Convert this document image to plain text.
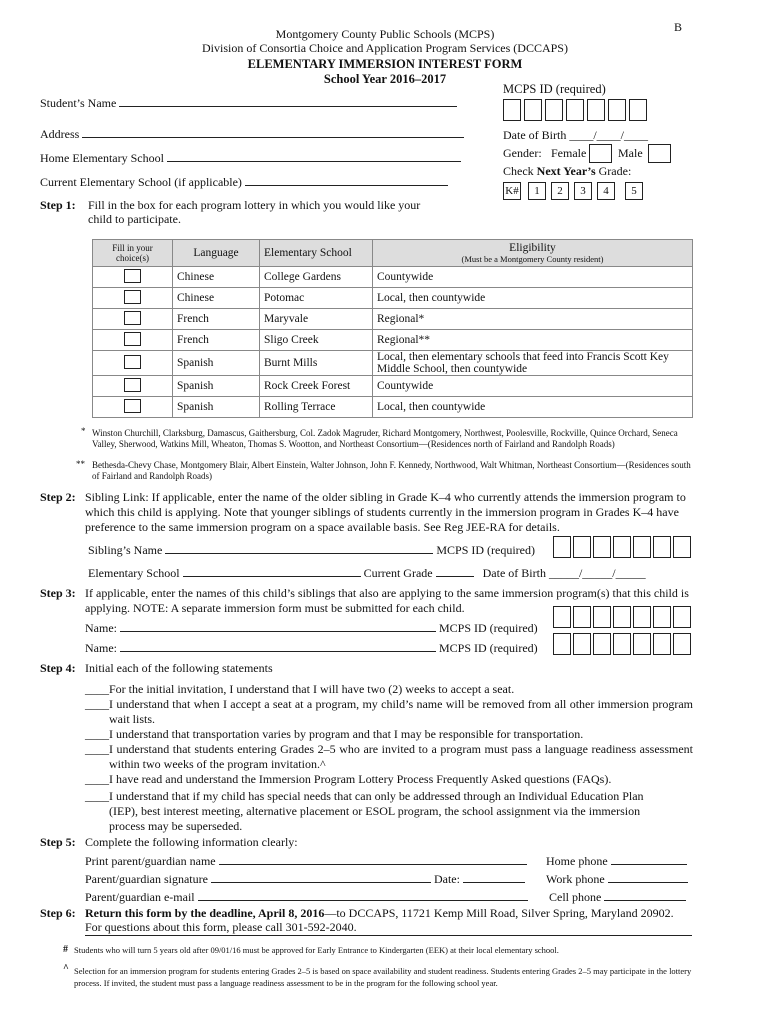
B
Montgomery County Public Schools (MCPS)
Division of Consortia Choice and Application Program Services (DCCAPS)
ELEMENTARY IMMERSION INTEREST FORM
School Year 2016–2017
Student’s Name
Address
Home Elementary School
Current Elementary School (if applicable)
MCPS ID (required)
Date of Birth ____/____/____
Gender: Female	Male
Check Next Year’s Grade:
K#	1	2	3	4	5
Step 1: Fill in the box for each program lottery in which you would like your
child to participate.
Fill in your choice(s)	Language	Elementary School	Eligibility
(Must be a Montgomery County resident)

	Chinese	College Gardens	Countywide
	Chinese	Potomac	Local, then countywide
	French	Maryvale	Regional*
	French	Sligo Creek	Regional**
	Spanish	Burnt Mills	Local, then elementary schools that feed into Francis Scott Key Middle School, then countywide
	Spanish	Rock Creek Forest	Countywide
	Spanish	Rolling Terrace	Local, then countywide
* Winston Churchill, Clarksburg, Damascus, Gaithersburg, Col. Zadok Magruder, Richard Montgomery, Northwest, Poolesville, Rockville, Quince Orchard, Seneca Valley, Sherwood, Watkins Mill, Wheaton, Thomas S. Wootton, and Northeast Consortium—(Residences north of Fairland and Randolph Roads)
** Bethesda-Chevy Chase, Montgomery Blair, Albert Einstein, Walter Johnson, John F. Kennedy, Northwood, Walt Whitman, Northeast Consortium—(Residences south of Fairland and Randolph Roads)
Step 2: Sibling Link: If applicable, enter the name of the older sibling in Grade K–4 who currently attends the immersion program to which this child is applying. Note that younger siblings of students currently in the immersion program in Grades K–4 have preference to the same immersion program on a space available basis. See Reg JEE-RA for details.
Sibling’s Name	MCPS ID (required)
Elementary School	Current Grade	Date of Birth _____/_____/_____
Step 3: If applicable, enter the names of this child’s siblings that also are applying to the same immersion program(s) that this child is applying. NOTE: A separate immersion form must be submitted for each child.
Name:	MCPS ID (required)
Name:	MCPS ID (required)
Step 4: Initial each of the following statements
____ For the initial invitation, I understand that I will have two (2) weeks to accept a seat.
____ I understand that when I accept a seat at a program, my child’s name will be removed from all other immersion program wait lists.
____ I understand that transportation varies by program and that I may be responsible for transportation.
____ I understand that students entering Grades 2–5 who are invited to a program must pass a language readiness assessment within two weeks of the program invitation.^
____ I have read and understand the Immersion Program Lottery Process Frequently Asked questions (FAQs).
____ I understand that if my child has special needs that can only be addressed through an Individual Education Plan (IEP), best interest meeting, alternative placement or ESOL program, the school assignment via the immersion process may be superseded.
Step 5: Complete the following information clearly:
Print parent/guardian name	Home phone
Parent/guardian signature	Date:	Work phone
Parent/guardian e-mail	Cell phone
Step 6: Return this form by the deadline, April 8, 2016—to DCCAPS, 11721 Kemp Mill Road, Silver Spring, Maryland 20902.
For questions about this form, please call 301-592-2040.
# Students who will turn 5 years old after 09/01/16 must be approved for Early Entrance to Kindergarten (EEK) at their local elementary school.
^ Selection for an immersion program for students entering Grades 2–5 is based on space availability and student readiness. Students entering Grades 2–5 may participate in the lottery process. If invited, the student must pass a language readiness assessment to be in the program for the following school year.
